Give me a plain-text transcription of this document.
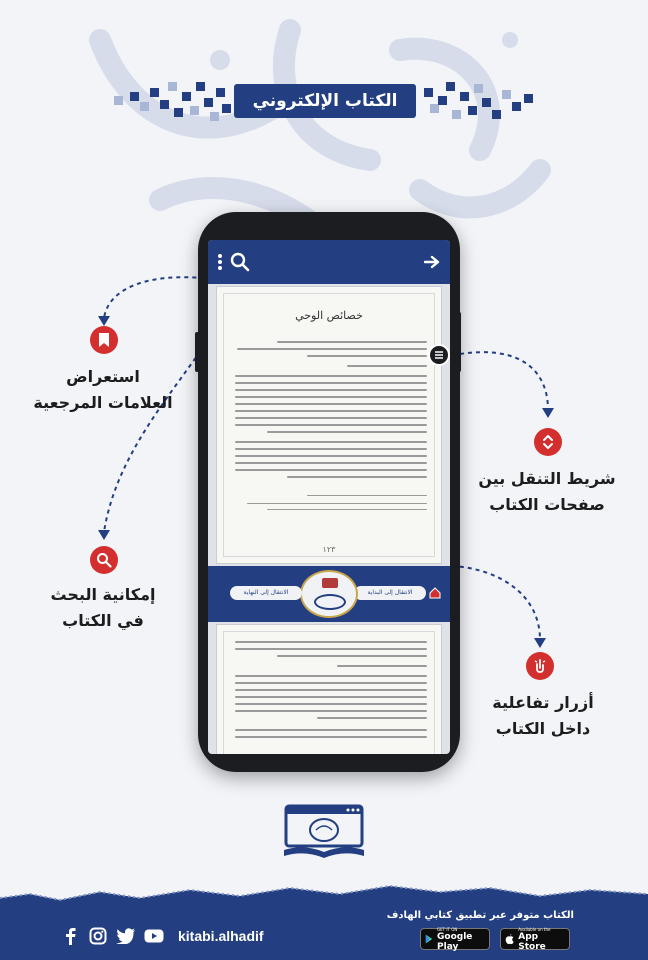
الكتاب الإلكتروني
خصائص الوحي
١٢٣
الانتقال إلى البداية
الانتقال إلى النهاية
استعراض
العلامات المرجعية
إمكانية البحث
في الكتاب
شريط التنقل بين
صفحات الكتاب
أزرار تفاعلية
داخل الكتاب
kitabi.alhadif
الكتاب متوفر عبر تطبيق كتابي الهادف
GET IT ON
Google Play
Available on the
App Store
